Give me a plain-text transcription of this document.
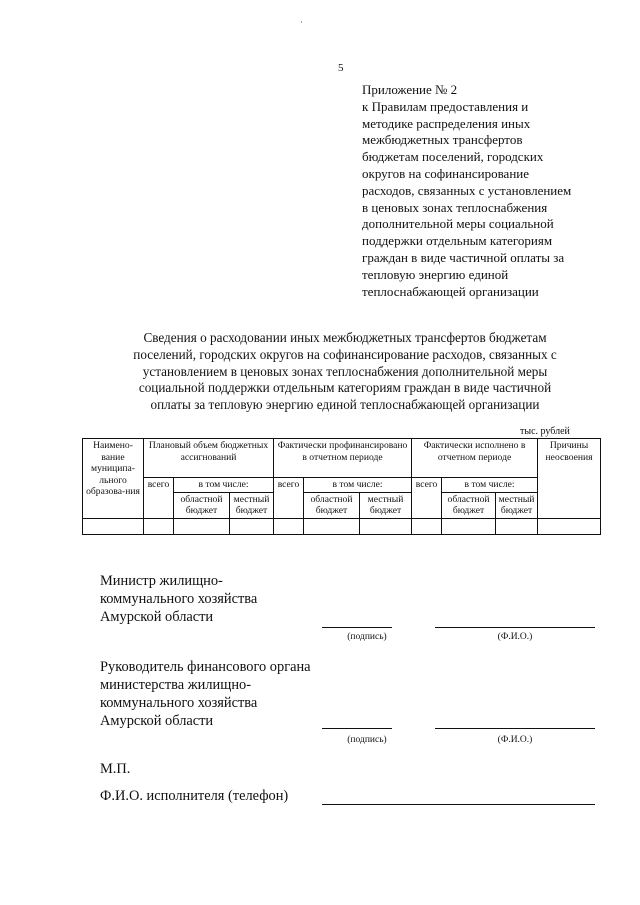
·
5
Приложение № 2
к Правилам предоставления и
методике распределения иных
межбюджетных трансфертов
бюджетам поселений, городских
округов на софинансирование
расходов, связанных с установлением
в ценовых зонах теплоснабжения
дополнительной меры социальной
поддержки отдельным категориям
граждан в виде частичной оплаты за
тепловую энергию единой
теплоснабжающей организации
Сведения о расходовании иных межбюджетных трансфертов бюджетам
поселений, городских округов на софинансирование расходов, связанных с
установлением в ценовых зонах теплоснабжения дополнительной меры
социальной поддержки отдельным категориям граждан в виде частичной
оплаты за тепловую энергию единой теплоснабжающей организации
тыс. рублей
Наимено-вание муниципа-льного образова-ния	Плановый объем бюджетных ассигнований			Фактически профинансировано в отчетном периоде			Фактически исполнено в отчетном периоде			Причины неосвоения
	всего	в том числе:		всего	в том числе:		всего	в том числе:		
		областной бюджет	местный бюджет		областной бюджет	местный бюджет		областной бюджет	местный бюджет	

Министр жилищно-
коммунального хозяйства
Амурской области
(подпись)	(Ф.И.О.)
Руководитель финансового органа
министерства жилищно-
коммунального хозяйства
Амурской области
(подпись)	(Ф.И.О.)
М.П.
Ф.И.О. исполнителя (телефон)
